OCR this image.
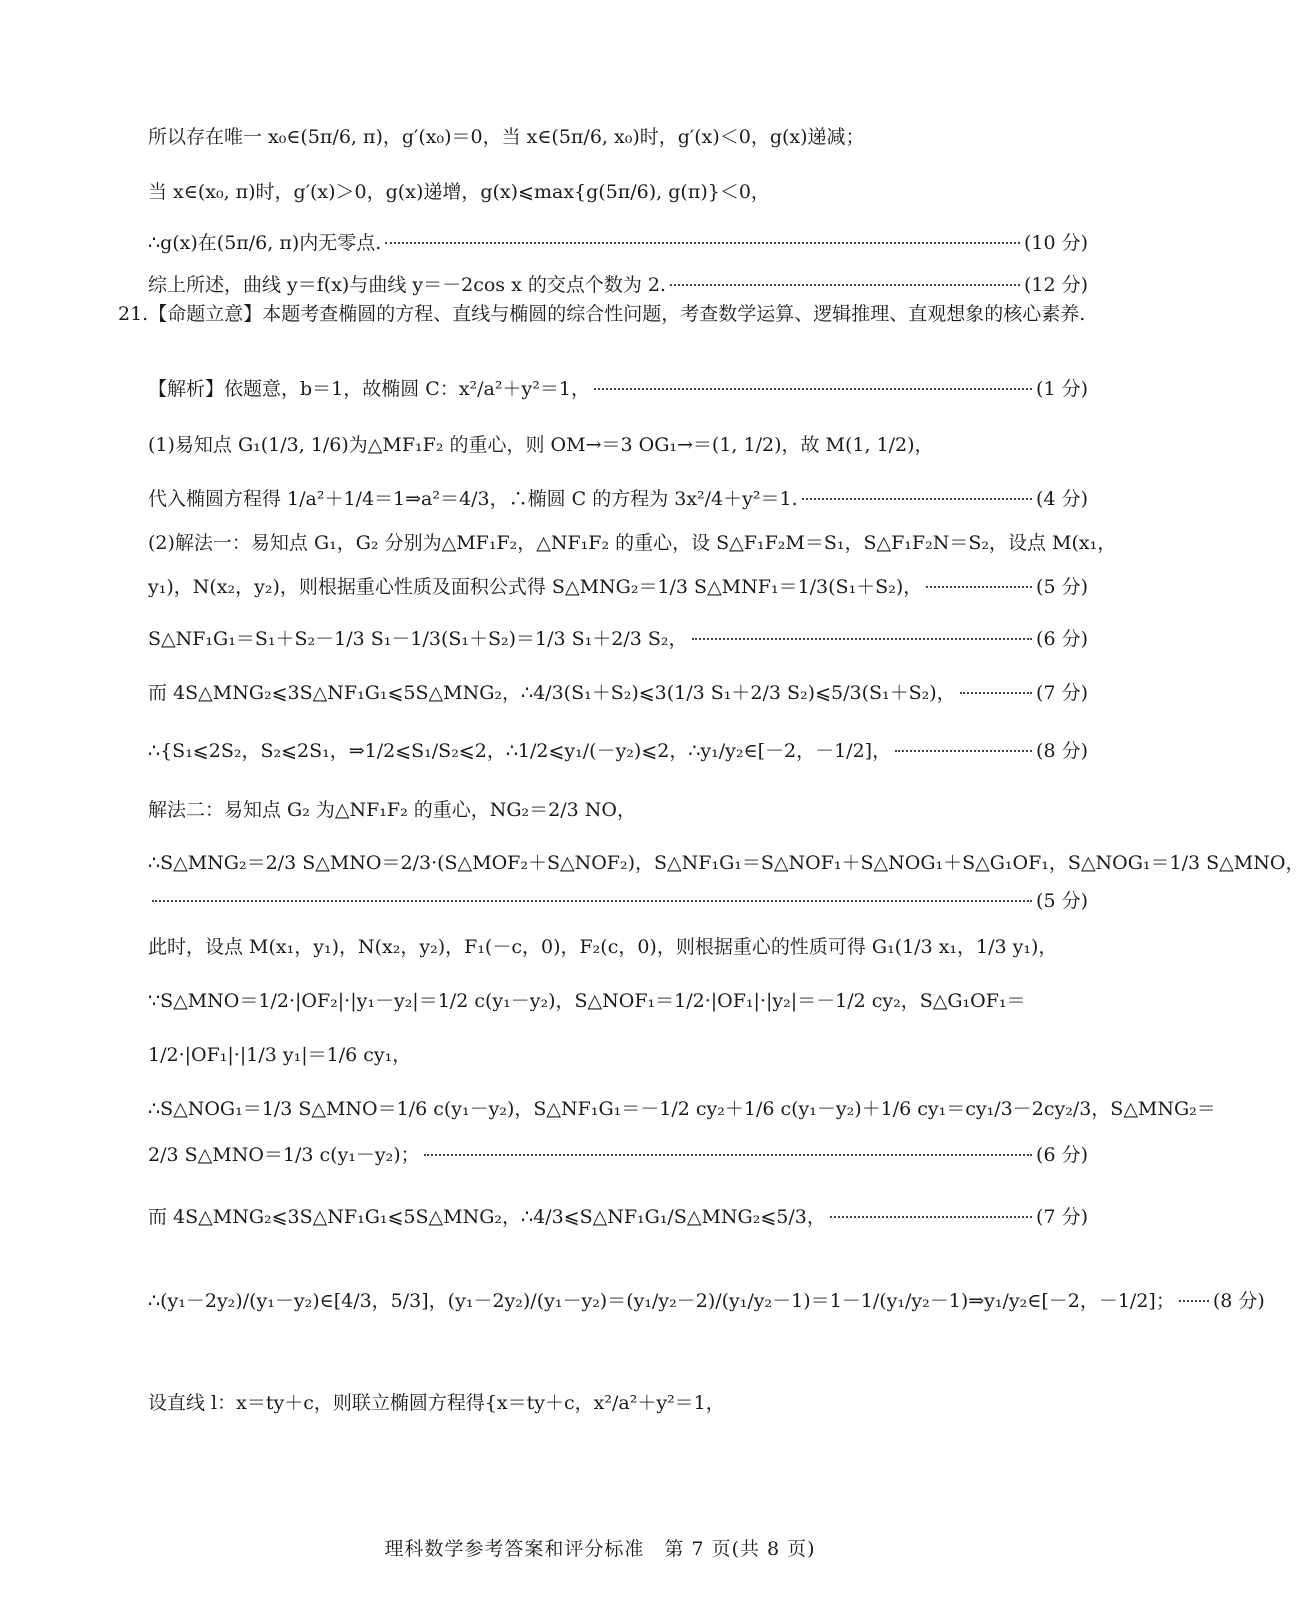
所以存在唯一 x₀∈(5π/6, π)，g′(x₀)＝0，当 x∈(5π/6, x₀)时，g′(x)＜0，g(x)递减；
当 x∈(x₀, π)时，g′(x)＞0，g(x)递增，g(x)⩽max{g(5π/6), g(π)}＜0，
∴g(x)在(5π/6, π)内无零点.	(10 分)
综上所述，曲线 y＝f(x)与曲线 y＝－2cos x 的交点个数为 2.	(12 分)
21.【命题立意】本题考查椭圆的方程、直线与椭圆的综合性问题，考查数学运算、逻辑推理、直观想象的核心素养.
【解析】依题意，b＝1，故椭圆 C：x²/a²＋y²＝1，	(1 分)
(1)易知点 G₁(1/3, 1/6)为△MF₁F₂ 的重心，则 OM→＝3 OG₁→＝(1, 1/2)，故 M(1, 1/2)，
代入椭圆方程得 1/a²＋1/4＝1⇒a²＝4/3，∴椭圆 C 的方程为 3x²/4＋y²＝1.	(4 分)
(2)解法一：易知点 G₁，G₂ 分别为△MF₁F₂，△NF₁F₂ 的重心，设 S△F₁F₂M＝S₁，S△F₁F₂N＝S₂，设点 M(x₁，
y₁)，N(x₂，y₂)，则根据重心性质及面积公式得 S△MNG₂＝1/3 S△MNF₁＝1/3(S₁＋S₂)，	(5 分)
S△NF₁G₁＝S₁＋S₂－1/3 S₁－1/3(S₁＋S₂)＝1/3 S₁＋2/3 S₂，	(6 分)
而 4S△MNG₂⩽3S△NF₁G₁⩽5S△MNG₂，∴4/3(S₁＋S₂)⩽3(1/3 S₁＋2/3 S₂)⩽5/3(S₁＋S₂)，	(7 分)
∴{S₁⩽2S₂，S₂⩽2S₁，⇒1/2⩽S₁/S₂⩽2，∴1/2⩽y₁/(－y₂)⩽2，∴y₁/y₂∈[－2，－1/2]，	(8 分)
解法二：易知点 G₂ 为△NF₁F₂ 的重心，NG₂＝2/3 NO，
∴S△MNG₂＝2/3 S△MNO＝2/3·(S△MOF₂＋S△NOF₂)，S△NF₁G₁＝S△NOF₁＋S△NOG₁＋S△G₁OF₁，S△NOG₁＝1/3 S△MNO，
(5 分)
此时，设点 M(x₁，y₁)，N(x₂，y₂)，F₁(－c，0)，F₂(c，0)，则根据重心的性质可得 G₁(1/3 x₁，1/3 y₁)，
∵S△MNO＝1/2·|OF₂|·|y₁－y₂|＝1/2 c(y₁－y₂)，S△NOF₁＝1/2·|OF₁|·|y₂|＝－1/2 cy₂，S△G₁OF₁＝
1/2·|OF₁|·|1/3 y₁|＝1/6 cy₁，
∴S△NOG₁＝1/3 S△MNO＝1/6 c(y₁－y₂)，S△NF₁G₁＝－1/2 cy₂＋1/6 c(y₁－y₂)＋1/6 cy₁＝cy₁/3－2cy₂/3，S△MNG₂＝
2/3 S△MNO＝1/3 c(y₁－y₂)；	(6 分)
而 4S△MNG₂⩽3S△NF₁G₁⩽5S△MNG₂，∴4/3⩽S△NF₁G₁/S△MNG₂⩽5/3，	(7 分)
∴(y₁－2y₂)/(y₁－y₂)∈[4/3，5/3]，(y₁－2y₂)/(y₁－y₂)＝(y₁/y₂－2)/(y₁/y₂－1)＝1－1/(y₁/y₂－1)⇒y₁/y₂∈[－2，－1/2]； (8 分)
设直线 l：x＝ty＋c，则联立椭圆方程得{x＝ty＋c，x²/a²＋y²＝1，
理科数学参考答案和评分标准　第 7 页(共 8 页)
